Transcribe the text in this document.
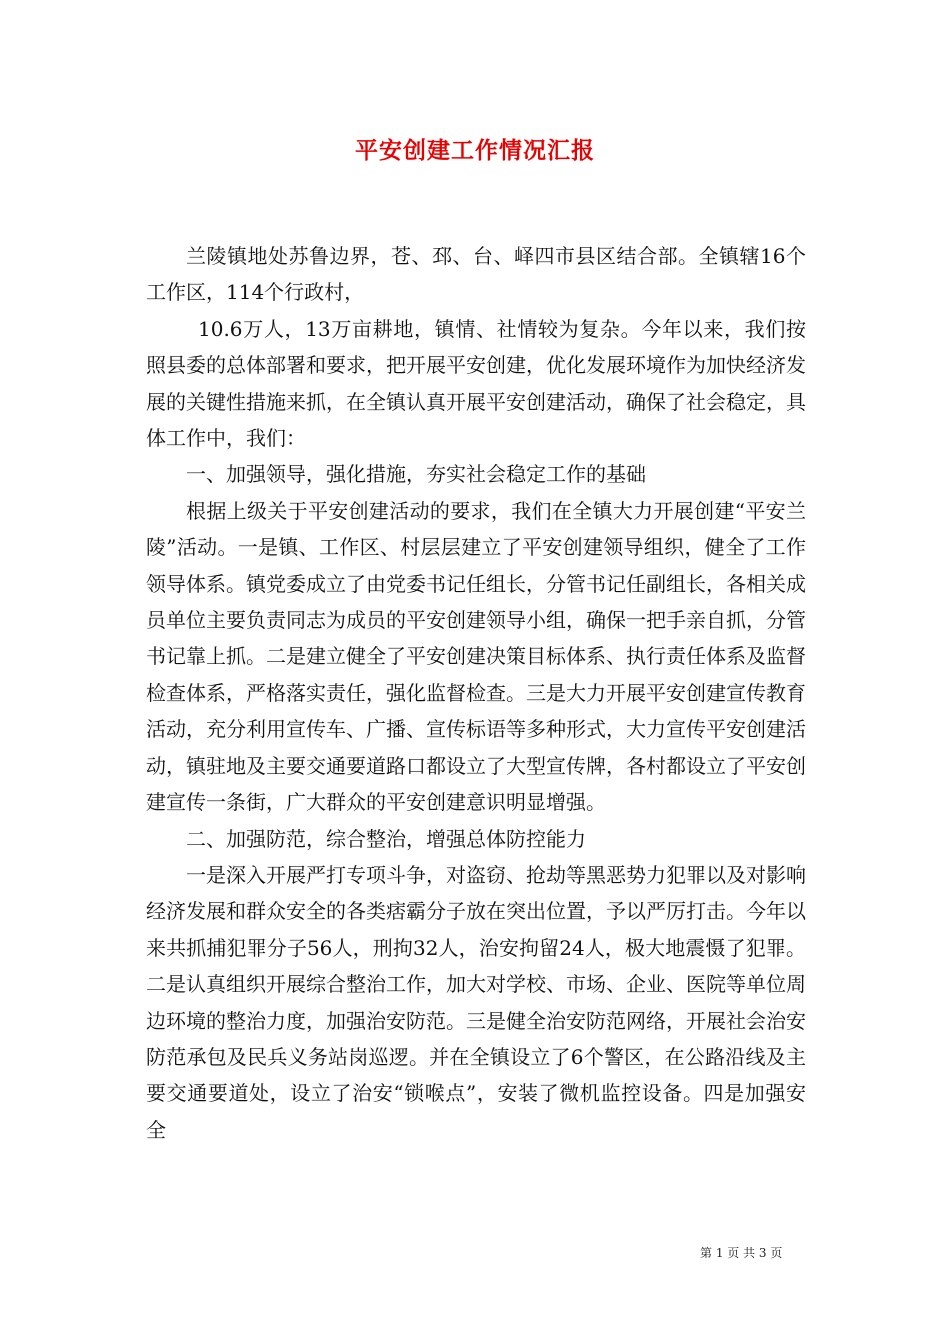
平安创建工作情况汇报

兰陵镇地处苏鲁边界，苍、邳、台、峄四市县区结合部。全镇辖16个工作区，114个行政村，

10.6万人，13万亩耕地，镇情、社情较为复杂。今年以来，我们按照县委的总体部署和要求，把开展平安创建，优化发展环境作为加快经济发展的关键性措施来抓，在全镇认真开展平安创建活动，确保了社会稳定，具体工作中，我们：

一、加强领导，强化措施，夯实社会稳定工作的基础

根据上级关于平安创建活动的要求，我们在全镇大力开展创建“平安兰陵”活动。一是镇、工作区、村层层建立了平安创建领导组织，健全了工作领导体系。镇党委成立了由党委书记任组长，分管书记任副组长，各相关成员单位主要负责同志为成员的平安创建领导小组，确保一把手亲自抓，分管书记靠上抓。二是建立健全了平安创建决策目标体系、执行责任体系及监督检查体系，严格落实责任，强化监督检查。三是大力开展平安创建宣传教育活动，充分利用宣传车、广播、宣传标语等多种形式，大力宣传平安创建活动，镇驻地及主要交通要道路口都设立了大型宣传牌，各村都设立了平安创建宣传一条街，广大群众的平安创建意识明显增强。

二、加强防范，综合整治，增强总体防控能力

一是深入开展严打专项斗争，对盗窃、抢劫等黑恶势力犯罪以及对影响经济发展和群众安全的各类痞霸分子放在突出位置，予以严厉打击。今年以来共抓捕犯罪分子56人，刑拘32人，治安拘留24人，极大地震慑了犯罪。二是认真组织开展综合整治工作，加大对学校、市场、企业、医院等单位周边环境的整治力度，加强治安防范。三是健全治安防范网络，开展社会治安防范承包及民兵义务站岗巡逻。并在全镇设立了6个警区，在公路沿线及主要交通要道处，设立了治安“锁喉点”，安装了微机监控设备。四是加强安全

第 1 页 共 3 页
